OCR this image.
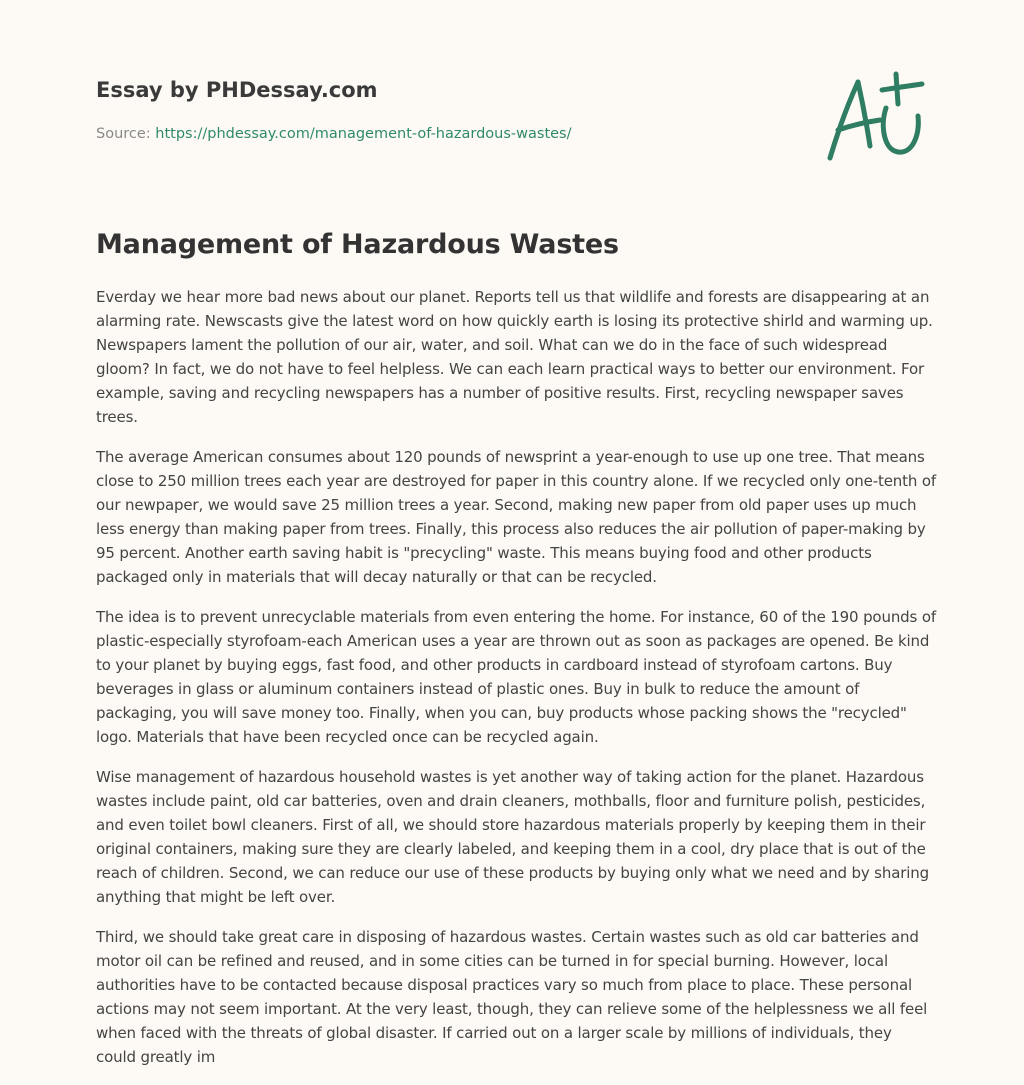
Essay by PHDessay.com
Source: https://phdessay.com/management-of-hazardous-wastes/
Management of Hazardous Wastes

Everday we hear more bad news about our planet. Reports tell us that wildlife and forests are disappearing at an alarming rate. Newscasts give the latest word on how quickly earth is losing its protective shirld and warming up. Newspapers lament the pollution of our air, water, and soil. What can we do in the face of such widespread gloom? In fact, we do not have to feel helpless. We can each learn practical ways to better our environment. For example, saving and recycling newspapers has a number of positive results. First, recycling newspaper saves trees.

The average American consumes about 120 pounds of newsprint a year-enough to use up one tree. That means close to 250 million trees each year are destroyed for paper in this country alone. If we recycled only one-tenth of our newpaper, we would save 25 million trees a year. Second, making new paper from old paper uses up much less energy than making paper from trees. Finally, this process also reduces the air pollution of paper-making by 95 percent. Another earth saving habit is "precycling" waste. This means buying food and other products packaged only in materials that will decay naturally or that can be recycled.

The idea is to prevent unrecyclable materials from even entering the home. For instance, 60 of the 190 pounds of plastic-especially styrofoam-each American uses a year are thrown out as soon as packages are opened. Be kind to your planet by buying eggs, fast food, and other products in cardboard instead of styrofoam cartons. Buy beverages in glass or aluminum containers instead of plastic ones. Buy in bulk to reduce the amount of packaging, you will save money too. Finally, when you can, buy products whose packing shows the "recycled" logo. Materials that have been recycled once can be recycled again.

Wise management of hazardous household wastes is yet another way of taking action for the planet. Hazardous wastes include paint, old car batteries, oven and drain cleaners, mothballs, floor and furniture polish, pesticides, and even toilet bowl cleaners. First of all, we should store hazardous materials properly by keeping them in their original containers, making sure they are clearly labeled, and keeping them in a cool, dry place that is out of the reach of children. Second, we can reduce our use of these products by buying only what we need and by sharing anything that might be left over.

Third, we should take great care in disposing of hazardous wastes. Certain wastes such as old car batteries and motor oil can be refined and reused, and in some cities can be turned in for special burning. However, local authorities have to be contacted because disposal practices vary so much from place to place. These personal actions may not seem important. At the very least, though, they can relieve some of the helplessness we all feel when faced with the threats of global disaster. If carried out on a larger scale by millions of individuals, they could greatly im
